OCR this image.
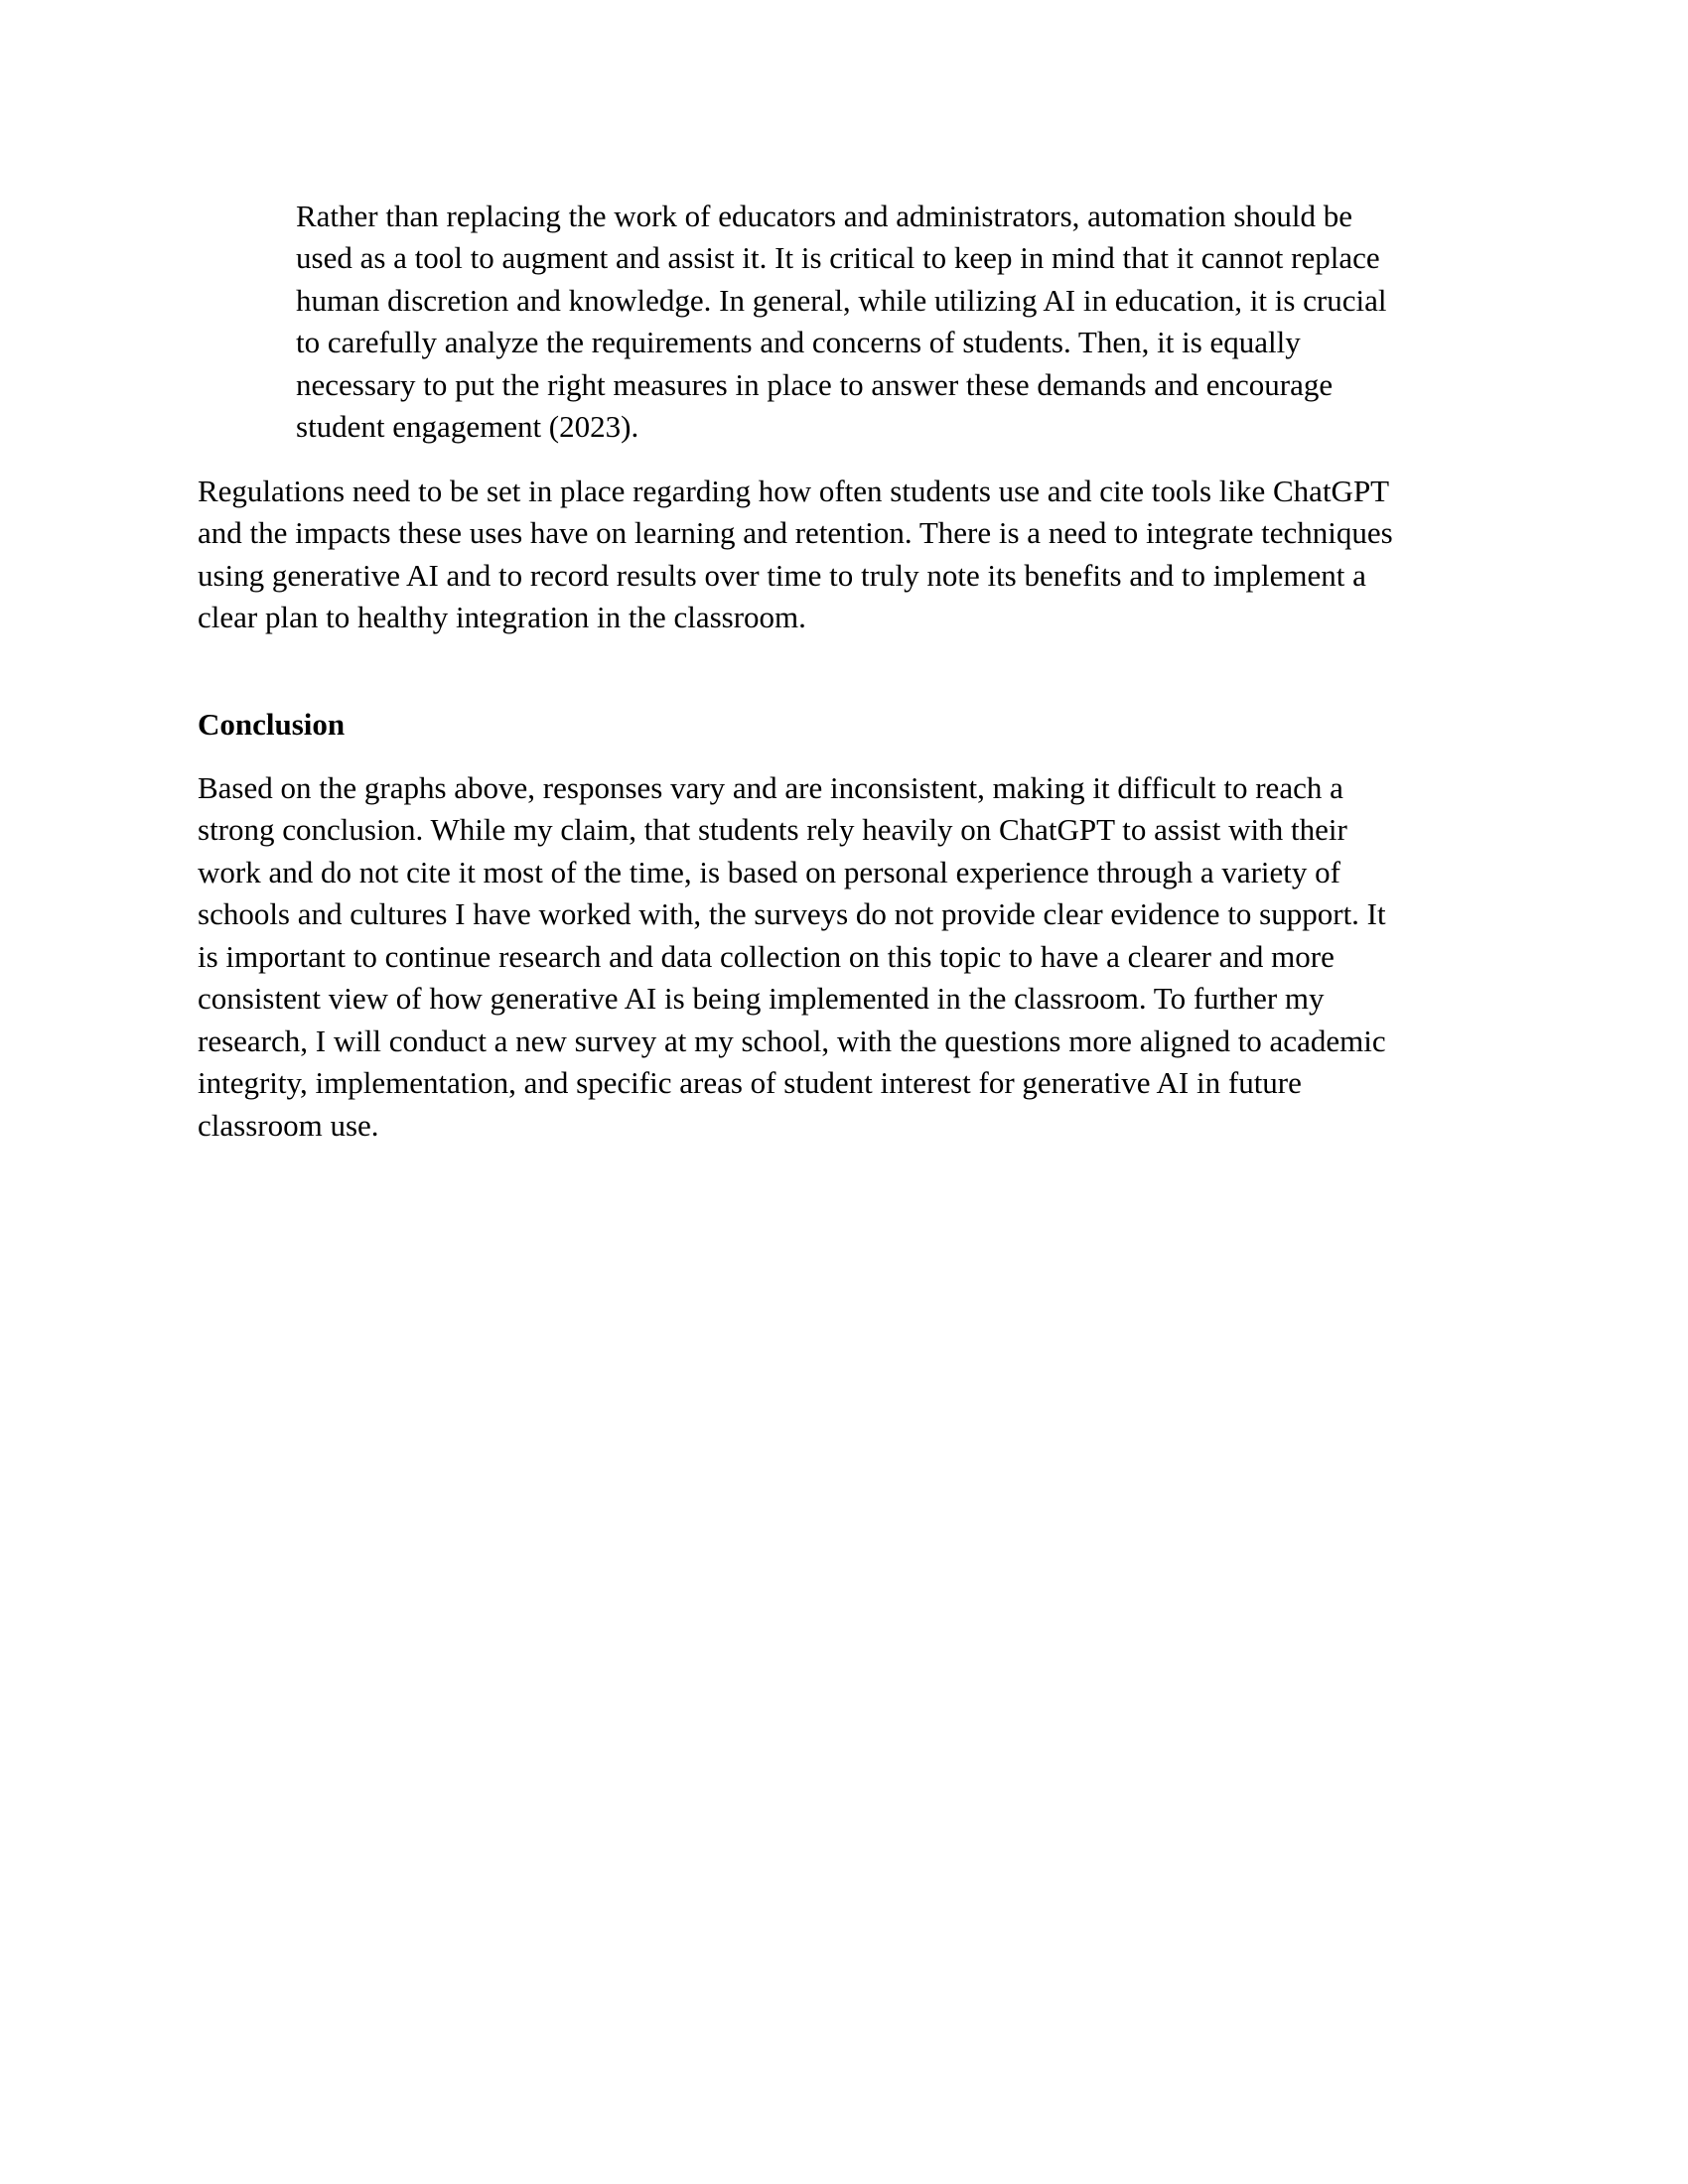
Rather than replacing the work of educators and administrators, automation should be

used as a tool to augment and assist it. It is critical to keep in mind that it cannot replace

human discretion and knowledge. In general, while utilizing AI in education, it is crucial

to carefully analyze the requirements and concerns of students. Then, it is equally

necessary to put the right measures in place to answer these demands and encourage

student engagement (2023).

Regulations need to be set in place regarding how often students use and cite tools like ChatGPT

and the impacts these uses have on learning and retention. There is a need to integrate techniques

using generative AI and to record results over time to truly note its benefits and to implement a

clear plan to healthy integration in the classroom.

Conclusion

Based on the graphs above, responses vary and are inconsistent, making it difficult to reach a

strong conclusion. While my claim, that students rely heavily on ChatGPT to assist with their

work and do not cite it most of the time, is based on personal experience through a variety of

schools and cultures I have worked with, the surveys do not provide clear evidence to support. It

is important to continue research and data collection on this topic to have a clearer and more

consistent view of how generative AI is being implemented in the classroom. To further my

research, I will conduct a new survey at my school, with the questions more aligned to academic

integrity, implementation, and specific areas of student interest for generative AI in future

classroom use.
